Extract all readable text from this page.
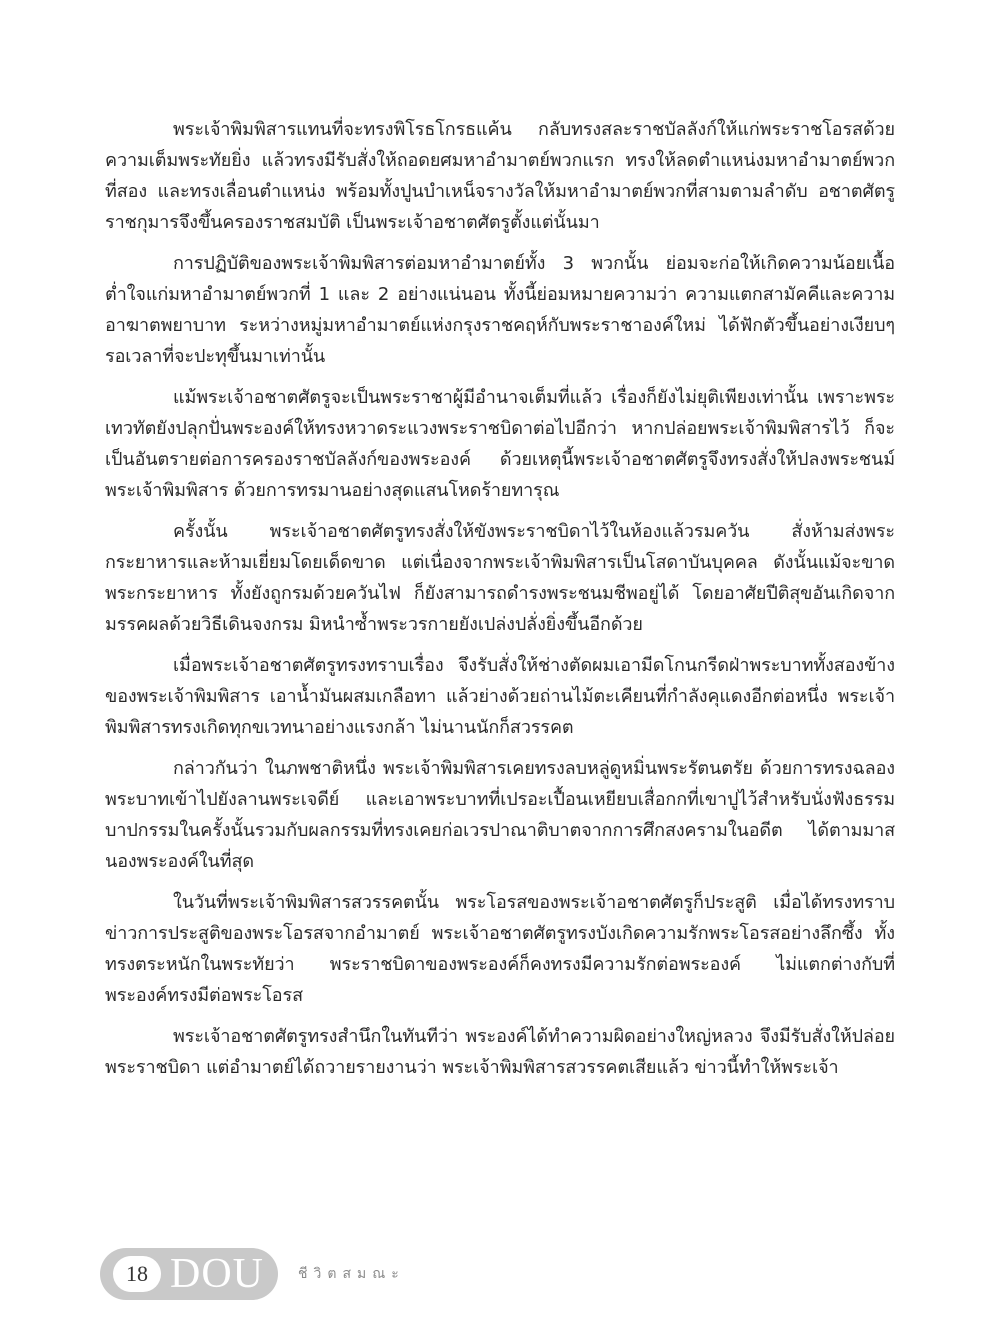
พระเจ้าพิมพิสารแทนที่จะทรงพิโรธโกรธแค้น กลับทรงสละราชบัลลังก์ให้แก่พระราชโอรสด้วยความเต็มพระทัยยิ่ง แล้วทรงมีรับสั่งให้ถอดยศมหาอำมาตย์พวกแรก ทรงให้ลดตำแหน่งมหาอำมาตย์พวกที่สอง และทรงเลื่อนตำแหน่ง พร้อมทั้งปูนบำเหน็จรางวัลให้มหาอำมาตย์พวกที่สามตามลำดับ อชาตศัตรูราชกุมารจึงขึ้นครองราชสมบัติ เป็นพระเจ้าอชาตศัตรูตั้งแต่นั้นมา

การปฏิบัติของพระเจ้าพิมพิสารต่อมหาอำมาตย์ทั้ง 3 พวกนั้น ย่อมจะก่อให้เกิดความน้อยเนื้อต่ำใจแก่มหาอำมาตย์พวกที่ 1 และ 2 อย่างแน่นอน ทั้งนี้ย่อมหมายความว่า ความแตกสามัคคีและความอาฆาตพยาบาท ระหว่างหมู่มหาอำมาตย์แห่งกรุงราชคฤห์กับพระราชาองค์ใหม่ ได้ฟักตัวขึ้นอย่างเงียบๆ รอเวลาที่จะปะทุขึ้นมาเท่านั้น

แม้พระเจ้าอชาตศัตรูจะเป็นพระราชาผู้มีอำนาจเต็มที่แล้ว เรื่องก็ยังไม่ยุติเพียงเท่านั้น เพราะพระเทวทัตยังปลุกปั่นพระองค์ให้ทรงหวาดระแวงพระราชบิดาต่อไปอีกว่า หากปล่อยพระเจ้าพิมพิสารไว้ ก็จะเป็นอันตรายต่อการครองราชบัลลังก์ของพระองค์ ด้วยเหตุนี้พระเจ้าอชาตศัตรูจึงทรงสั่งให้ปลงพระชนม์พระเจ้าพิมพิสาร ด้วยการทรมานอย่างสุดแสนโหดร้ายทารุณ

ครั้งนั้น พระเจ้าอชาตศัตรูทรงสั่งให้ขังพระราชบิดาไว้ในห้องแล้วรมควัน สั่งห้ามส่งพระกระยาหารและห้ามเยี่ยมโดยเด็ดขาด แต่เนื่องจากพระเจ้าพิมพิสารเป็นโสดาบันบุคคล ดังนั้นแม้จะขาดพระกระยาหาร ทั้งยังถูกรมด้วยควันไฟ ก็ยังสามารถดำรงพระชนมชีพอยู่ได้ โดยอาศัยปีติสุขอันเกิดจากมรรคผลด้วยวิธีเดินจงกรม มิหนำซ้ำพระวรกายยังเปล่งปลั่งยิ่งขึ้นอีกด้วย

เมื่อพระเจ้าอชาตศัตรูทรงทราบเรื่อง จึงรับสั่งให้ช่างตัดผมเอามีดโกนกรีดฝ่าพระบาททั้งสองข้างของพระเจ้าพิมพิสาร เอาน้ำมันผสมเกลือทา แล้วย่างด้วยถ่านไม้ตะเคียนที่กำลังคุแดงอีกต่อหนึ่ง พระเจ้าพิมพิสารทรงเกิดทุกขเวทนาอย่างแรงกล้า ไม่นานนักก็สวรรคต

กล่าวกันว่า ในภพชาติหนึ่ง พระเจ้าพิมพิสารเคยทรงลบหลู่ดูหมิ่นพระรัตนตรัย ด้วยการทรงฉลองพระบาทเข้าไปยังลานพระเจดีย์ และเอาพระบาทที่เปรอะเปื้อนเหยียบเสื่อกกที่เขาปูไว้สำหรับนั่งฟังธรรม บาปกรรมในครั้งนั้นรวมกับผลกรรมที่ทรงเคยก่อเวรปาณาติบาตจากการศึกสงครามในอดีต ได้ตามมาสนองพระองค์ในที่สุด

ในวันที่พระเจ้าพิมพิสารสวรรคตนั้น พระโอรสของพระเจ้าอชาตศัตรูก็ประสูติ เมื่อได้ทรงทราบข่าวการประสูติของพระโอรสจากอำมาตย์ พระเจ้าอชาตศัตรูทรงบังเกิดความรักพระโอรสอย่างลึกซึ้ง ทั้งทรงตระหนักในพระทัยว่า พระราชบิดาของพระองค์ก็คงทรงมีความรักต่อพระองค์ ไม่แตกต่างกับที่พระองค์ทรงมีต่อพระโอรส

พระเจ้าอชาตศัตรูทรงสำนึกในทันทีว่า พระองค์ได้ทำความผิดอย่างใหญ่หลวง จึงมีรับสั่งให้ปล่อยพระราชบิดา แต่อำมาตย์ได้ถวายรายงานว่า พระเจ้าพิมพิสารสวรรคตเสียแล้ว ข่าวนี้ทำให้พระเจ้า

18 DOU ชีวิตสมณะ
